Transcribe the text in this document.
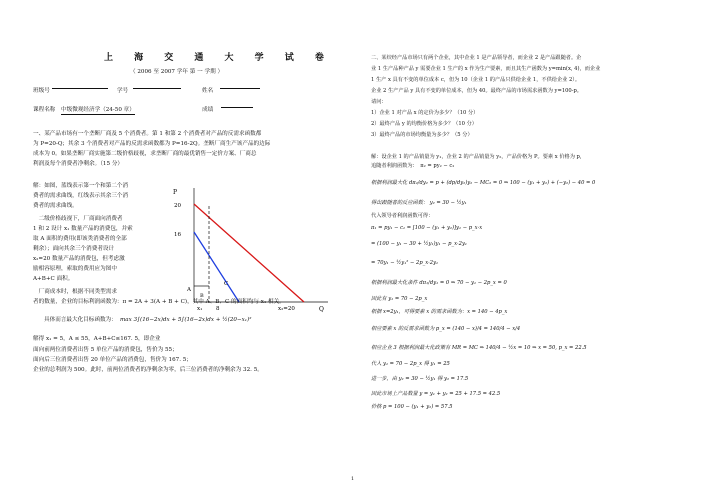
上 海 交 通 大 学 试 卷
（ 2006 至 2007 学年 第 一 学期 ）
班级号	学号	姓名
课程名称 中级微观经济学（24-50 章）	成绩
一、某产品市场有一个垄断厂商及 5 个消费者。第 1 和第 2 个消费者对产品的反需求函数都
为 P=20-Q；其余 3 个消费者对产品的反需求函数都为 P=16-2Q。垄断厂商生产该产品的边际
成本为 0。如果垄断厂商实施第二级价格歧视，求垄断厂商的最优销售一定价方案、厂商总
利润及每个消费者净剩余。（15 分）
解：如图，蓝线表示第一个和第二个消
费者的需求曲线，红线表示其余三个消
费者的需求曲线。
　二级价格歧视下，厂商面向消费者
1 和 2 设计 x₁ 数量产品的消费包，并索
取 A 面积的费用(即该类消费者的全部
剩余）；面向其余三个消费者设计
x₂=20 数量产品的消费包，但考虑激
励相容原理，索取的费用应为图中
A+B+C 面积。
　厂商成本时，根据不同类型需求
P
Q
20
16
x₁ 8	x₂=20
A
B
C
者的数量，企业的目标利润函数为：π = 2A + 3(A + B + C)，其中 A、B、C 的面积均与 x₁ 相关。
具体而言最大化目标函数为： max 3∫(16−2x)dx + 5∫(16−2x)dx + ½(20−x₁)²
解得 x₁ = 5，A ≤ 55，A+B+C≤167. 5，即企业
面向前两位消费者出售 5 单位产品的消费包，售价为 55；
面向后三位消费者出售 20 单位产品的消费包，售价为 167. 5；
企业的总利润为 500。此时，前两位消费者的净剩余为零，后三位消费者的净剩余为 32. 5。
二、某绞经产品市场只有两个企业，其中企业 1 是产品领导者，而企业 2 是产品跟随者。企
业 1 生产品种产品 y 需要企业 1 生产的 x 作为生产要素，而且其生产函数为 y=min(x, 4)，而企业
1 生产 x 具有不变的单位成本 c，但为 10（企业 1 的产品只供给企业 1，不供给企业 2）。
企业 2 生产产品 y 具有不变的单位成本，但为 40。最终产品的市场需求函数为 y=100-p。
请问：
1）企业 1 对产品 x 的定价为多少？（10 分）
2）最终产品 y 的均衡价格为多少？（10 分）
3）最终产品的市场均衡量为多少？（5 分）
解：设企业 1 的产品销量为 y₁，企业 2 的产品销量为 y₂，产品价格为 P。要素 x 价格为 p,
追随者利润函数为：　π₂ = py₂ − c₂
根据利润最大化 dπ₂/dy₂ = p + (dp/dy₂)y₂ − MC₂ = 0 ⇒ 100 − (y₁ + y₂) + (−y₂) − 40 = 0
得出跟随者的反应函数： y₂ = 30 − ½y₁
代入领导者利润函数可得：
π₁ = py₁ − c₁ = [100 − (y₁ + y₂)]y₁ − p_x·x
= (100 − y₁ − 30 + ½y₁)y₁ − p_x·2y₁
= 70y₁ − ½y₁² − 2p_x·2y₁
根据利润最大化条件 dπ₁/dy₁ = 0 ⇒ 70 − y₁ − 2p_x = 0
因此有 y₁ = 70 − 2p_x
根据 x=2y₁，可得要素 x 的需求函数为：x = 140 − 4p_x
相应要素 x 的反需求函数为 p_x = (140 − x)/4 = 140/4 − x/4
相应企业 3 根据利润最大化政策有 MR = MC ⇒ 140/4 − ½x = 10 ⇒ x = 50, p_x = 22.5
代入 y₁ = 70 − 2p_x 得 y₁ = 25
进一步，由 y₂ = 30 − ½y₁ 得 y₂ = 17.5
因此市场上产品数量 y = y₁ + y₂ = 25 + 17.5 = 42.5
价格 p = 100 − (y₁ + y₂) = 57.5
1
